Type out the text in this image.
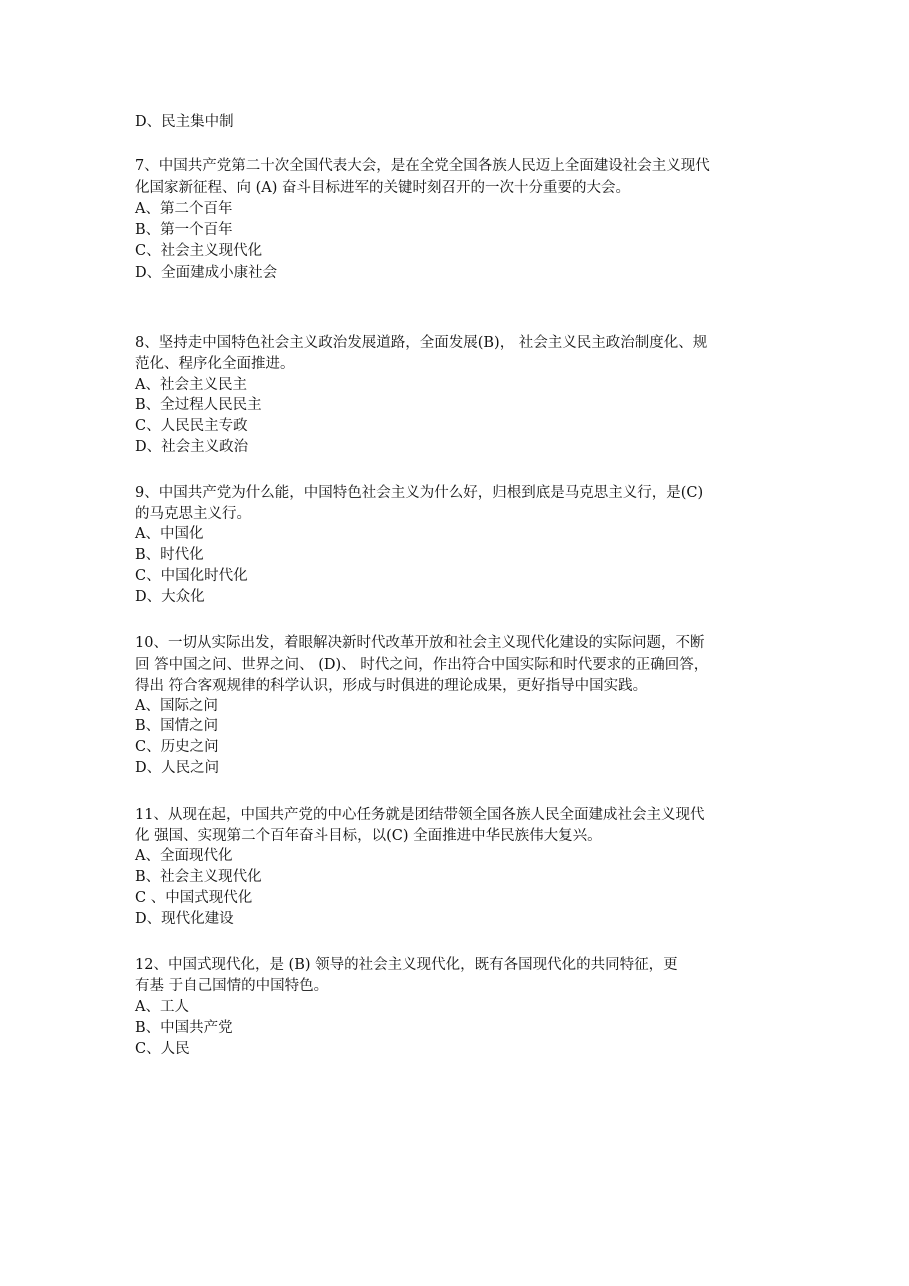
D、民主集中制
7、中国共产党第二十次全国代表大会，是在全党全国各族人民迈上全面建设社会主义现代
化国家新征程、向 (A) 奋斗目标进军的关键时刻召开的一次十分重要的大会。
A、第二个百年
B、第一个百年
C、社会主义现代化
D、全面建成小康社会
8、坚持走中国特色社会主义政治发展道路，全面发展(B)， 社会主义民主政治制度化、规
范化、程序化全面推进。
A、社会主义民主
B、全过程人民民主
C、人民民主专政
D、社会主义政治
9、中国共产党为什么能，中国特色社会主义为什么好，归根到底是马克思主义行，是(C)
的马克思主义行。
A、中国化
B、时代化
C、中国化时代化
D、大众化
10、一切从实际出发，着眼解决新时代改革开放和社会主义现代化建设的实际问题，不断
回 答中国之问、世界之问、 (D)、 时代之问，作出符合中国实际和时代要求的正确回答，
得出 符合客观规律的科学认识，形成与时俱进的理论成果，更好指导中国实践。
A、国际之问
B、国情之问
C、历史之问
D、人民之问
11、从现在起，中国共产党的中心任务就是团结带领全国各族人民全面建成社会主义现代
化 强国、实现第二个百年奋斗目标，以(C) 全面推进中华民族伟大复兴。
A、全面现代化
B、社会主义现代化
C 、中国式现代化
D、现代化建设
12、中国式现代化，是 (B) 领导的社会主义现代化，既有各国现代化的共同特征，更
有基 于自己国情的中国特色。
A、工人
B、中国共产党
C、人民
